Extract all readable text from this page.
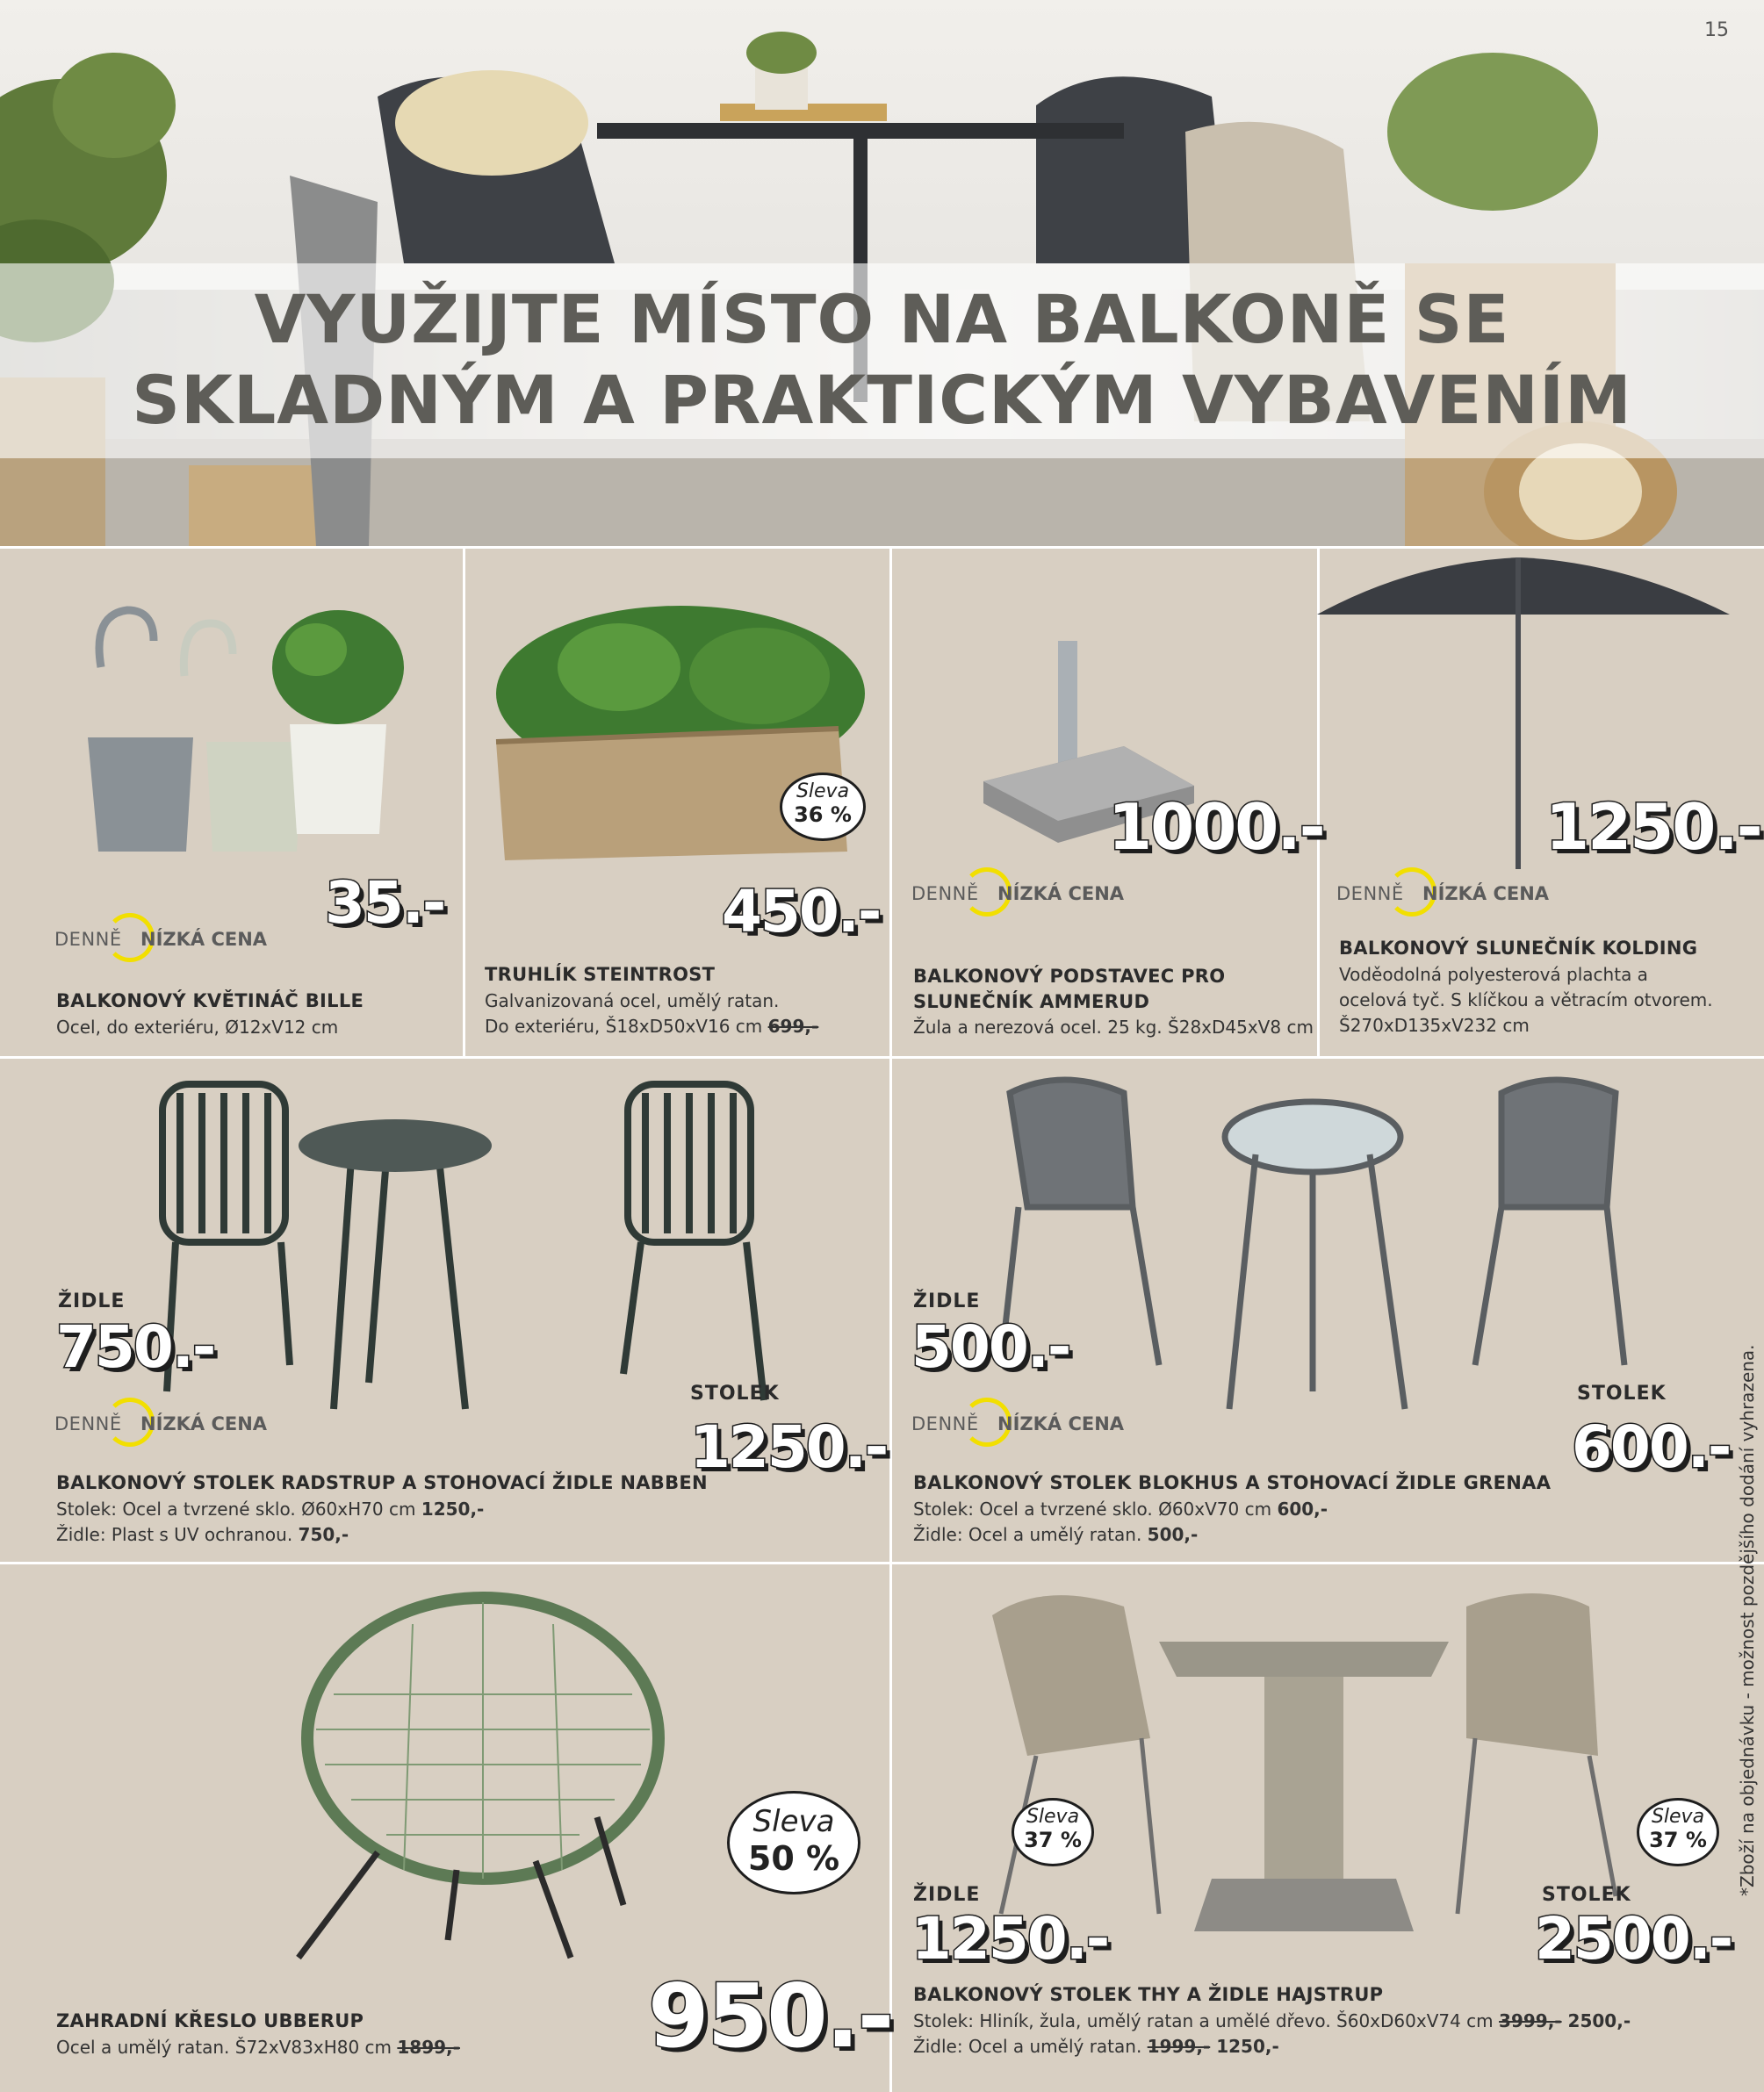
VYUŽIJTE MÍSTO NA BALKONĚ SE
SKLADNÝM A PRAKTICKÝM VYBAVENÍM
15
35.-
DENNĚ NÍZKÁ CENA
BALKONOVÝ KVĚTINÁČ BILLE
Ocel, do exteriéru, Ø12xV12 cm
Sleva
36 %
450.-
TRUHLÍK STEINTROST
Galvanizovaná ocel, umělý ratan.
Do exteriéru, Š18xD50xV16 cm 699,-
1000.-
DENNĚ NÍZKÁ CENA
BALKONOVÝ PODSTAVEC PRO
SLUNEČNÍK AMMERUD
Žula a nerezová ocel. 25 kg. Š28xD45xV8 cm
1250.-
DENNĚ NÍZKÁ CENA
BALKONOVÝ SLUNEČNÍK KOLDING
Voděodolná polyesterová plachta a
ocelová tyč. S klíčkou a větracím otvorem.
Š270xD135xV232 cm
ŽIDLE
750.-
DENNĚ NÍZKÁ CENA
STOLEK
1250.-
BALKONOVÝ STOLEK RADSTRUP A STOHOVACÍ ŽIDLE NABBEN
Stolek: Ocel a tvrzené sklo. Ø60xH70 cm 1250,-
Židle: Plast s UV ochranou. 750,-
ŽIDLE
500.-
DENNĚ NÍZKÁ CENA
STOLEK
600.-
BALKONOVÝ STOLEK BLOKHUS A STOHOVACÍ ŽIDLE GRENAA
Stolek: Ocel a tvrzené sklo. Ø60xV70 cm 600,-
Židle: Ocel a umělý ratan. 500,-
Sleva
50 %
950.-
ZAHRADNÍ KŘESLO UBBERUP
Ocel a umělý ratan. Š72xV83xH80 cm 1899,-
Sleva
37 %
Sleva
37 %
ŽIDLE
1250.-
STOLEK
2500.-
BALKONOVÝ STOLEK THY A ŽIDLE HAJSTRUP
Stolek: Hliník, žula, umělý ratan a umělé dřevo. Š60xD60xV74 cm 3999,- 2500,-
Židle: Ocel a umělý ratan. 1999,- 1250,-
*Zboží na objednávku - možnost pozdějšího dodání vyhrazena.
